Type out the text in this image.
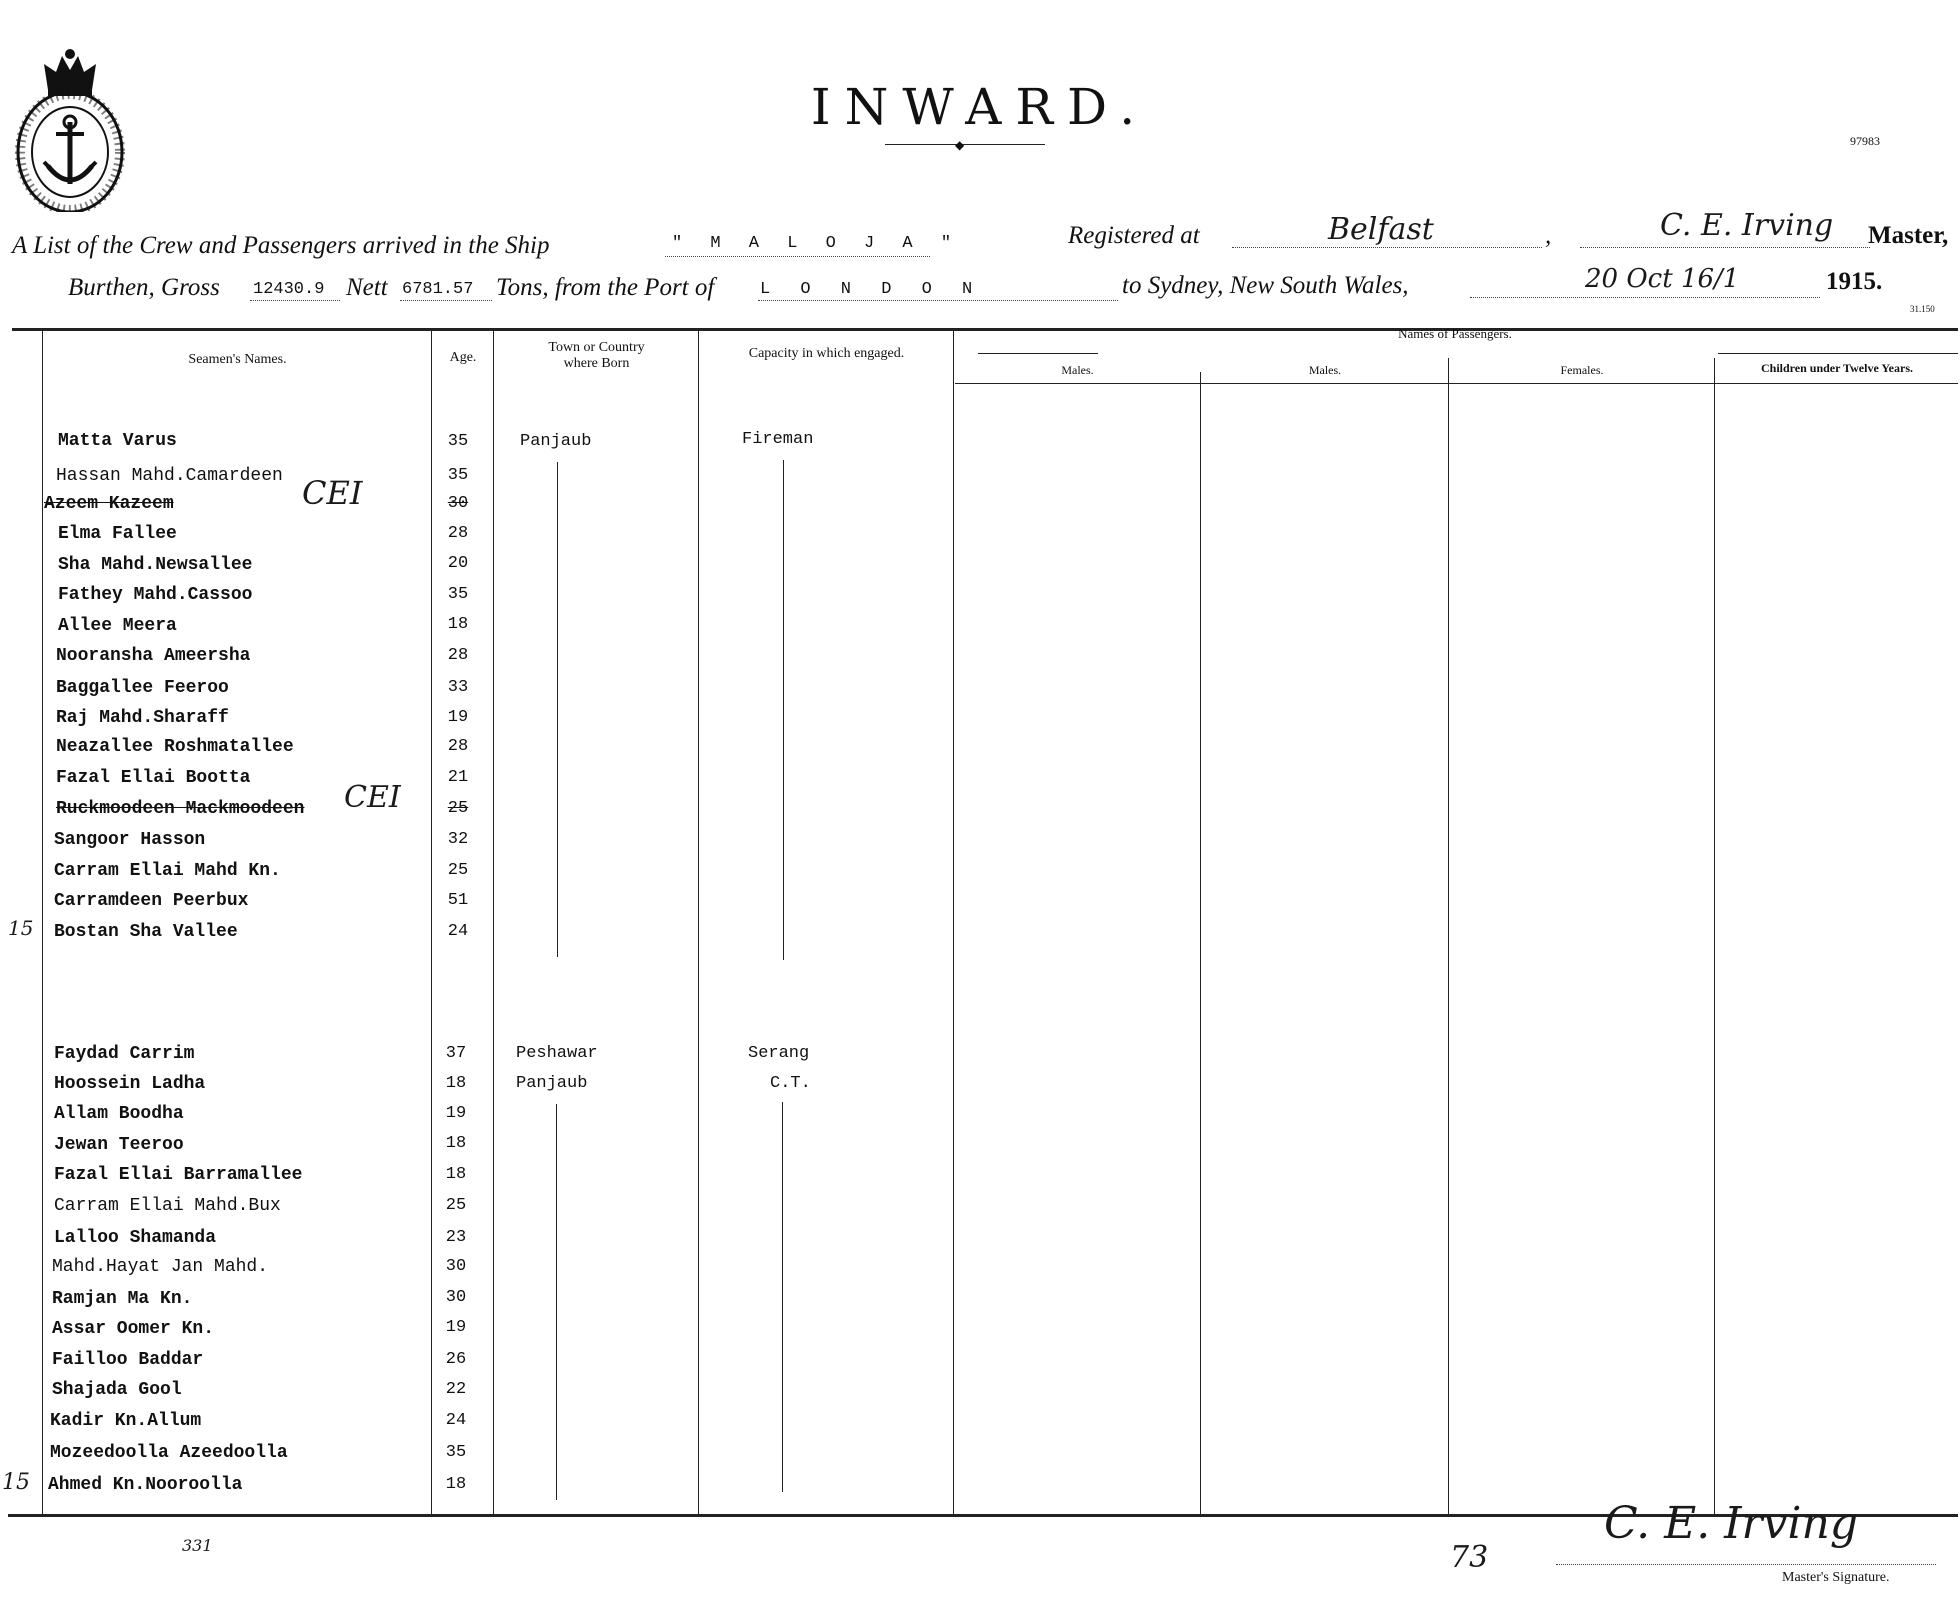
INWARD.
◆	97983
A List of the Crew and Passengers arrived in the Ship	" M A L O J A "	Registered at	Belfast	,	C. E. Irving Master,
Burthen, Gross 12430.9 Nett 6781.57 Tons, from the Port of	L O N D O N	to Sydney, New South Wales,	20 Oct 16/1	1915.
31.150
Seamen's Names.	Age.
Town or Country
where Born
Capacity in which engaged.
Names of Passengers.
Males.	Males.	Females.	Children under Twelve Years.
Matta Varus	35	Panjaub	Fireman
Hassan Mahd.Camardeen	35
Azeem Kazeem	30
Elma Fallee	28
Sha Mahd.Newsallee	20
Fathey Mahd.Cassoo	35
Allee Meera	18
Nooransha Ameersha	28
Baggallee Feeroo	33
Raj Mahd.Sharaff	19
Neazallee Roshmatallee	28
Fazal Ellai Bootta	21
Ruckmoodeen Mackmoodeen	25
Sangoor Hasson	32
Carram Ellai Mahd Kn.	25
Carramdeen Peerbux	51
Bostan Sha Vallee	24
Faydad Carrim	37	Peshawar	Serang
Hoossein Ladha	18	Panjaub	C.T.
Allam Boodha	19
Jewan Teeroo	18
Fazal Ellai Barramallee	18
Carram Ellai Mahd.Bux	25
Lalloo Shamanda	23
Mahd.Hayat Jan Mahd.	30
Ramjan Ma Kn.	30
Assar Oomer Kn.	19
Failloo Baddar	26
Shajada Gool	22
Kadir Kn.Allum	24
Mozeedoolla Azeedoolla	35
Ahmed Kn.Nooroolla	18
CEI
CEI
15
15
331	73
C. E. Irving
Master's Signature.
